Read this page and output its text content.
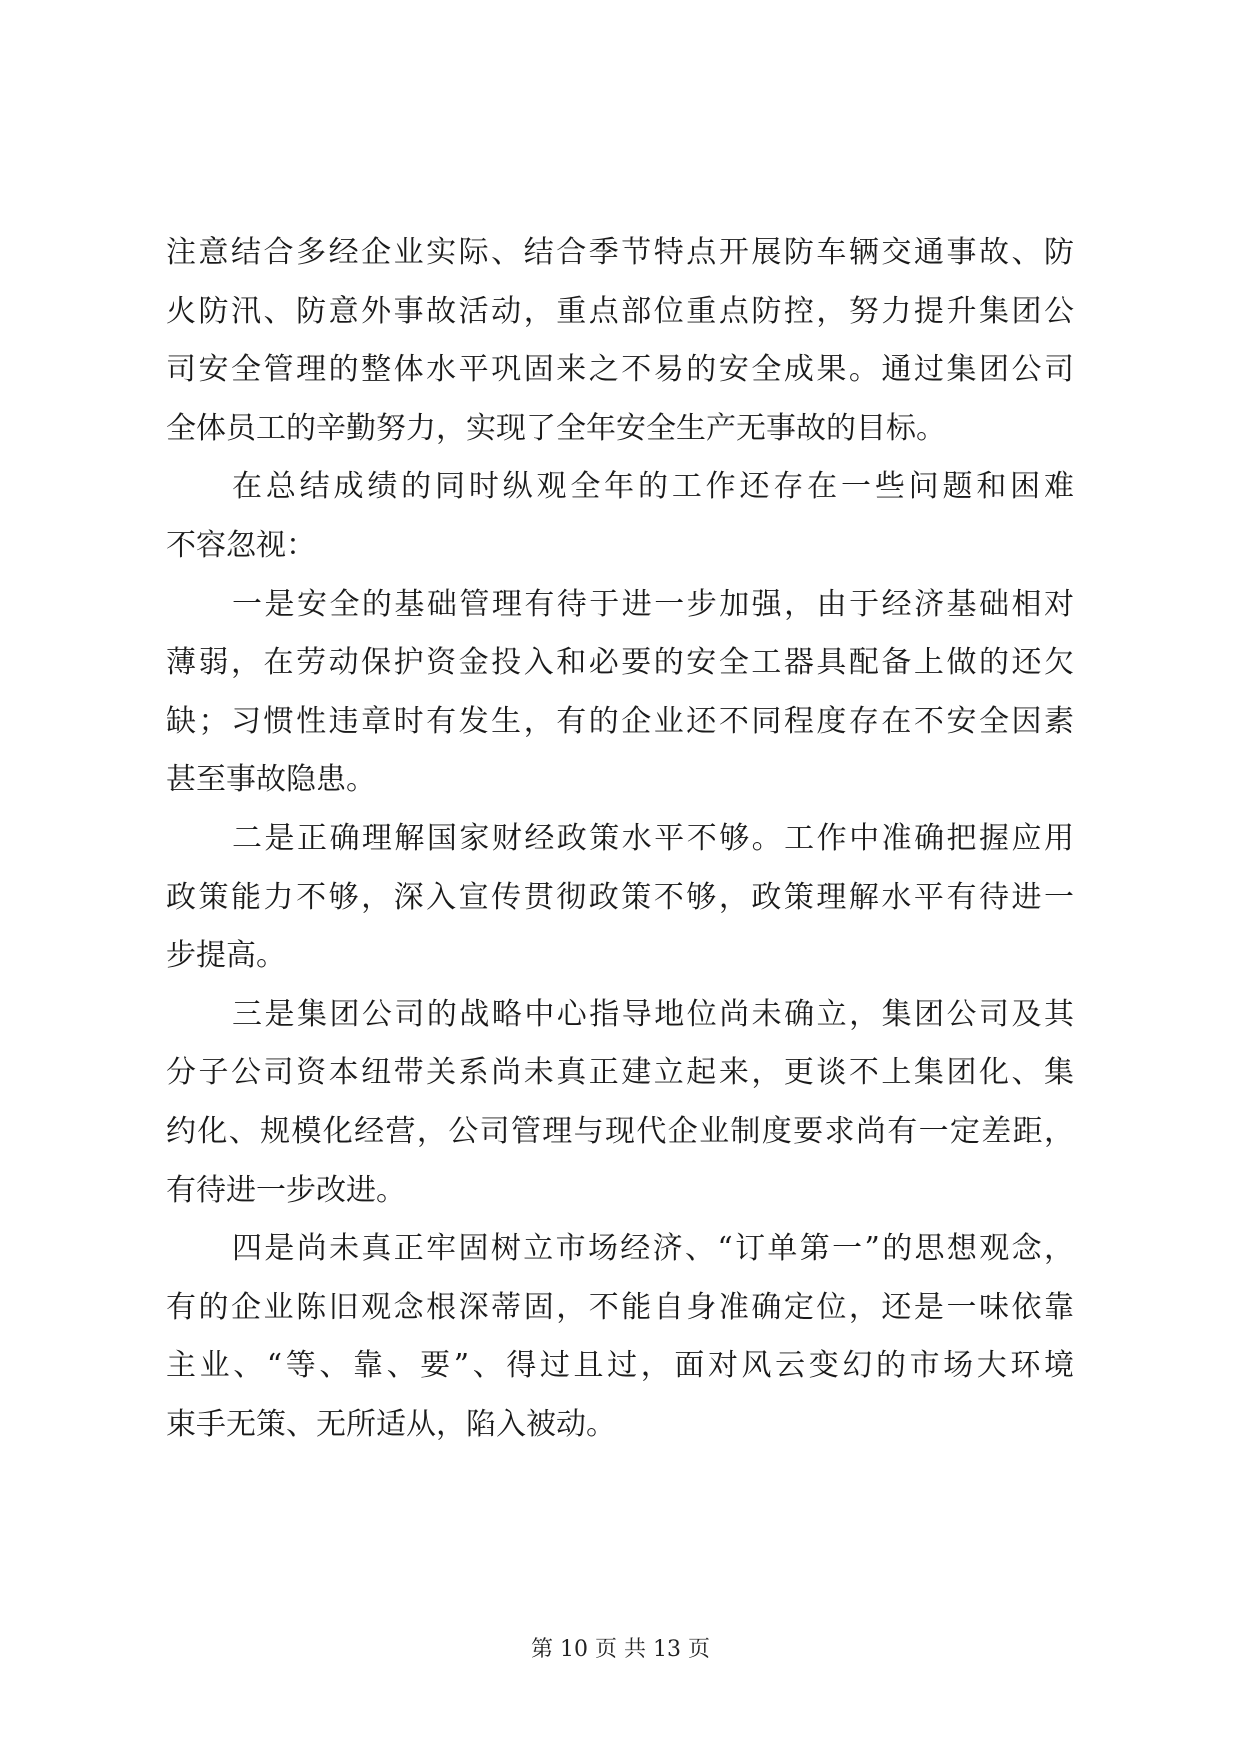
注意结合多经企业实际、结合季节特点开展防车辆交通事故、防
火防汛、防意外事故活动，重点部位重点防控，努力提升集团公
司安全管理的整体水平巩固来之不易的安全成果。通过集团公司
全体员工的辛勤努力，实现了全年安全生产无事故的目标。
在总结成绩的同时纵观全年的工作还存在一些问题和困难
不容忽视：
一是安全的基础管理有待于进一步加强，由于经济基础相对
薄弱，在劳动保护资金投入和必要的安全工器具配备上做的还欠
缺；习惯性违章时有发生，有的企业还不同程度存在不安全因素
甚至事故隐患。
二是正确理解国家财经政策水平不够。工作中准确把握应用
政策能力不够，深入宣传贯彻政策不够，政策理解水平有待进一
步提高。
三是集团公司的战略中心指导地位尚未确立，集团公司及其
分子公司资本纽带关系尚未真正建立起来，更谈不上集团化、集
约化、规模化经营，公司管理与现代企业制度要求尚有一定差距，
有待进一步改进。
四是尚未真正牢固树立市场经济、“订单第一”的思想观念，
有的企业陈旧观念根深蒂固，不能自身准确定位，还是一味依靠
主业、“等、靠、要”、得过且过，面对风云变幻的市场大环境
束手无策、无所适从，陷入被动。
第 10 页 共 13 页
